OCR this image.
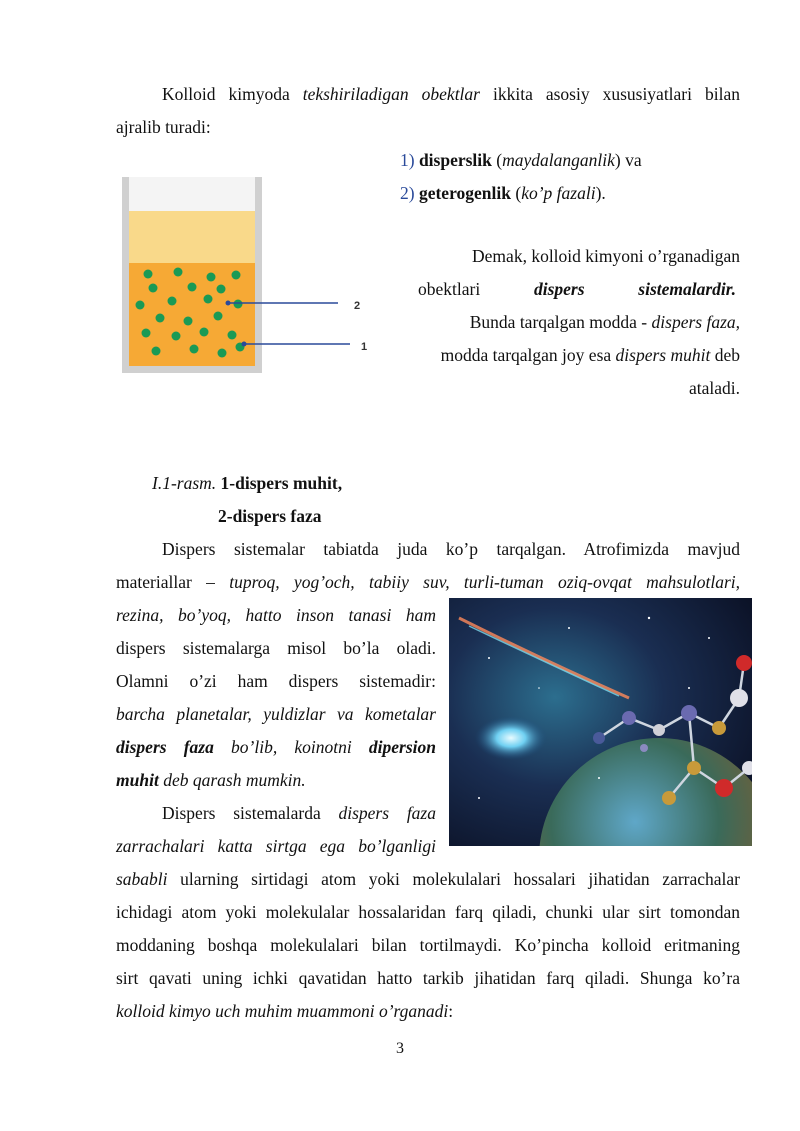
Kolloid kimyoda tekshiriladigan obektlar ikkita asosiy xususiyatlari bilan

ajralib turadi:

1) disperslik (maydalanganlik) va

2) geterogenlik (ko’p fazali).

2
1

Demak, kolloid kimyoni o’rganadigan

obektlari	dispers	sistemalardir.

Bunda tarqalgan modda - dispers faza,

modda tarqalgan joy esa dispers muhit deb

ataladi.

I.1-rasm. 1-dispers muhit,

2-dispers faza

Dispers sistemalar tabiatda juda ko’p tarqalgan. Atrofimizda mavjud

materiallar – tuproq, yog’och, tabiiy suv, turli-tuman oziq-ovqat mahsulotlari,

rezina, bo’yoq, hatto inson tanasi ham

dispers sistemalarga misol bo’la oladi.

Olamni o’zi ham dispers sistemadir:

barcha planetalar, yuldizlar va kometalar

dispers faza bo’lib, koinotni dipersion

muhit deb qarash mumkin.

Dispers sistemalarda dispers faza

zarrachalari katta sirtga ega bo’lganligi

sababli ularning sirtidagi atom yoki molekulalari hossalari jihatidan zarrachalar

ichidagi atom yoki molekulalar hossalaridan farq qiladi, chunki ular sirt tomondan

moddaning boshqa molekulalari bilan tortilmaydi. Ko’pincha kolloid eritmaning

sirt qavati uning ichki qavatidan hatto tarkib jihatidan farq qiladi. Shunga ko’ra

kolloid kimyo uch muhim muammoni o’rganadi:

3
